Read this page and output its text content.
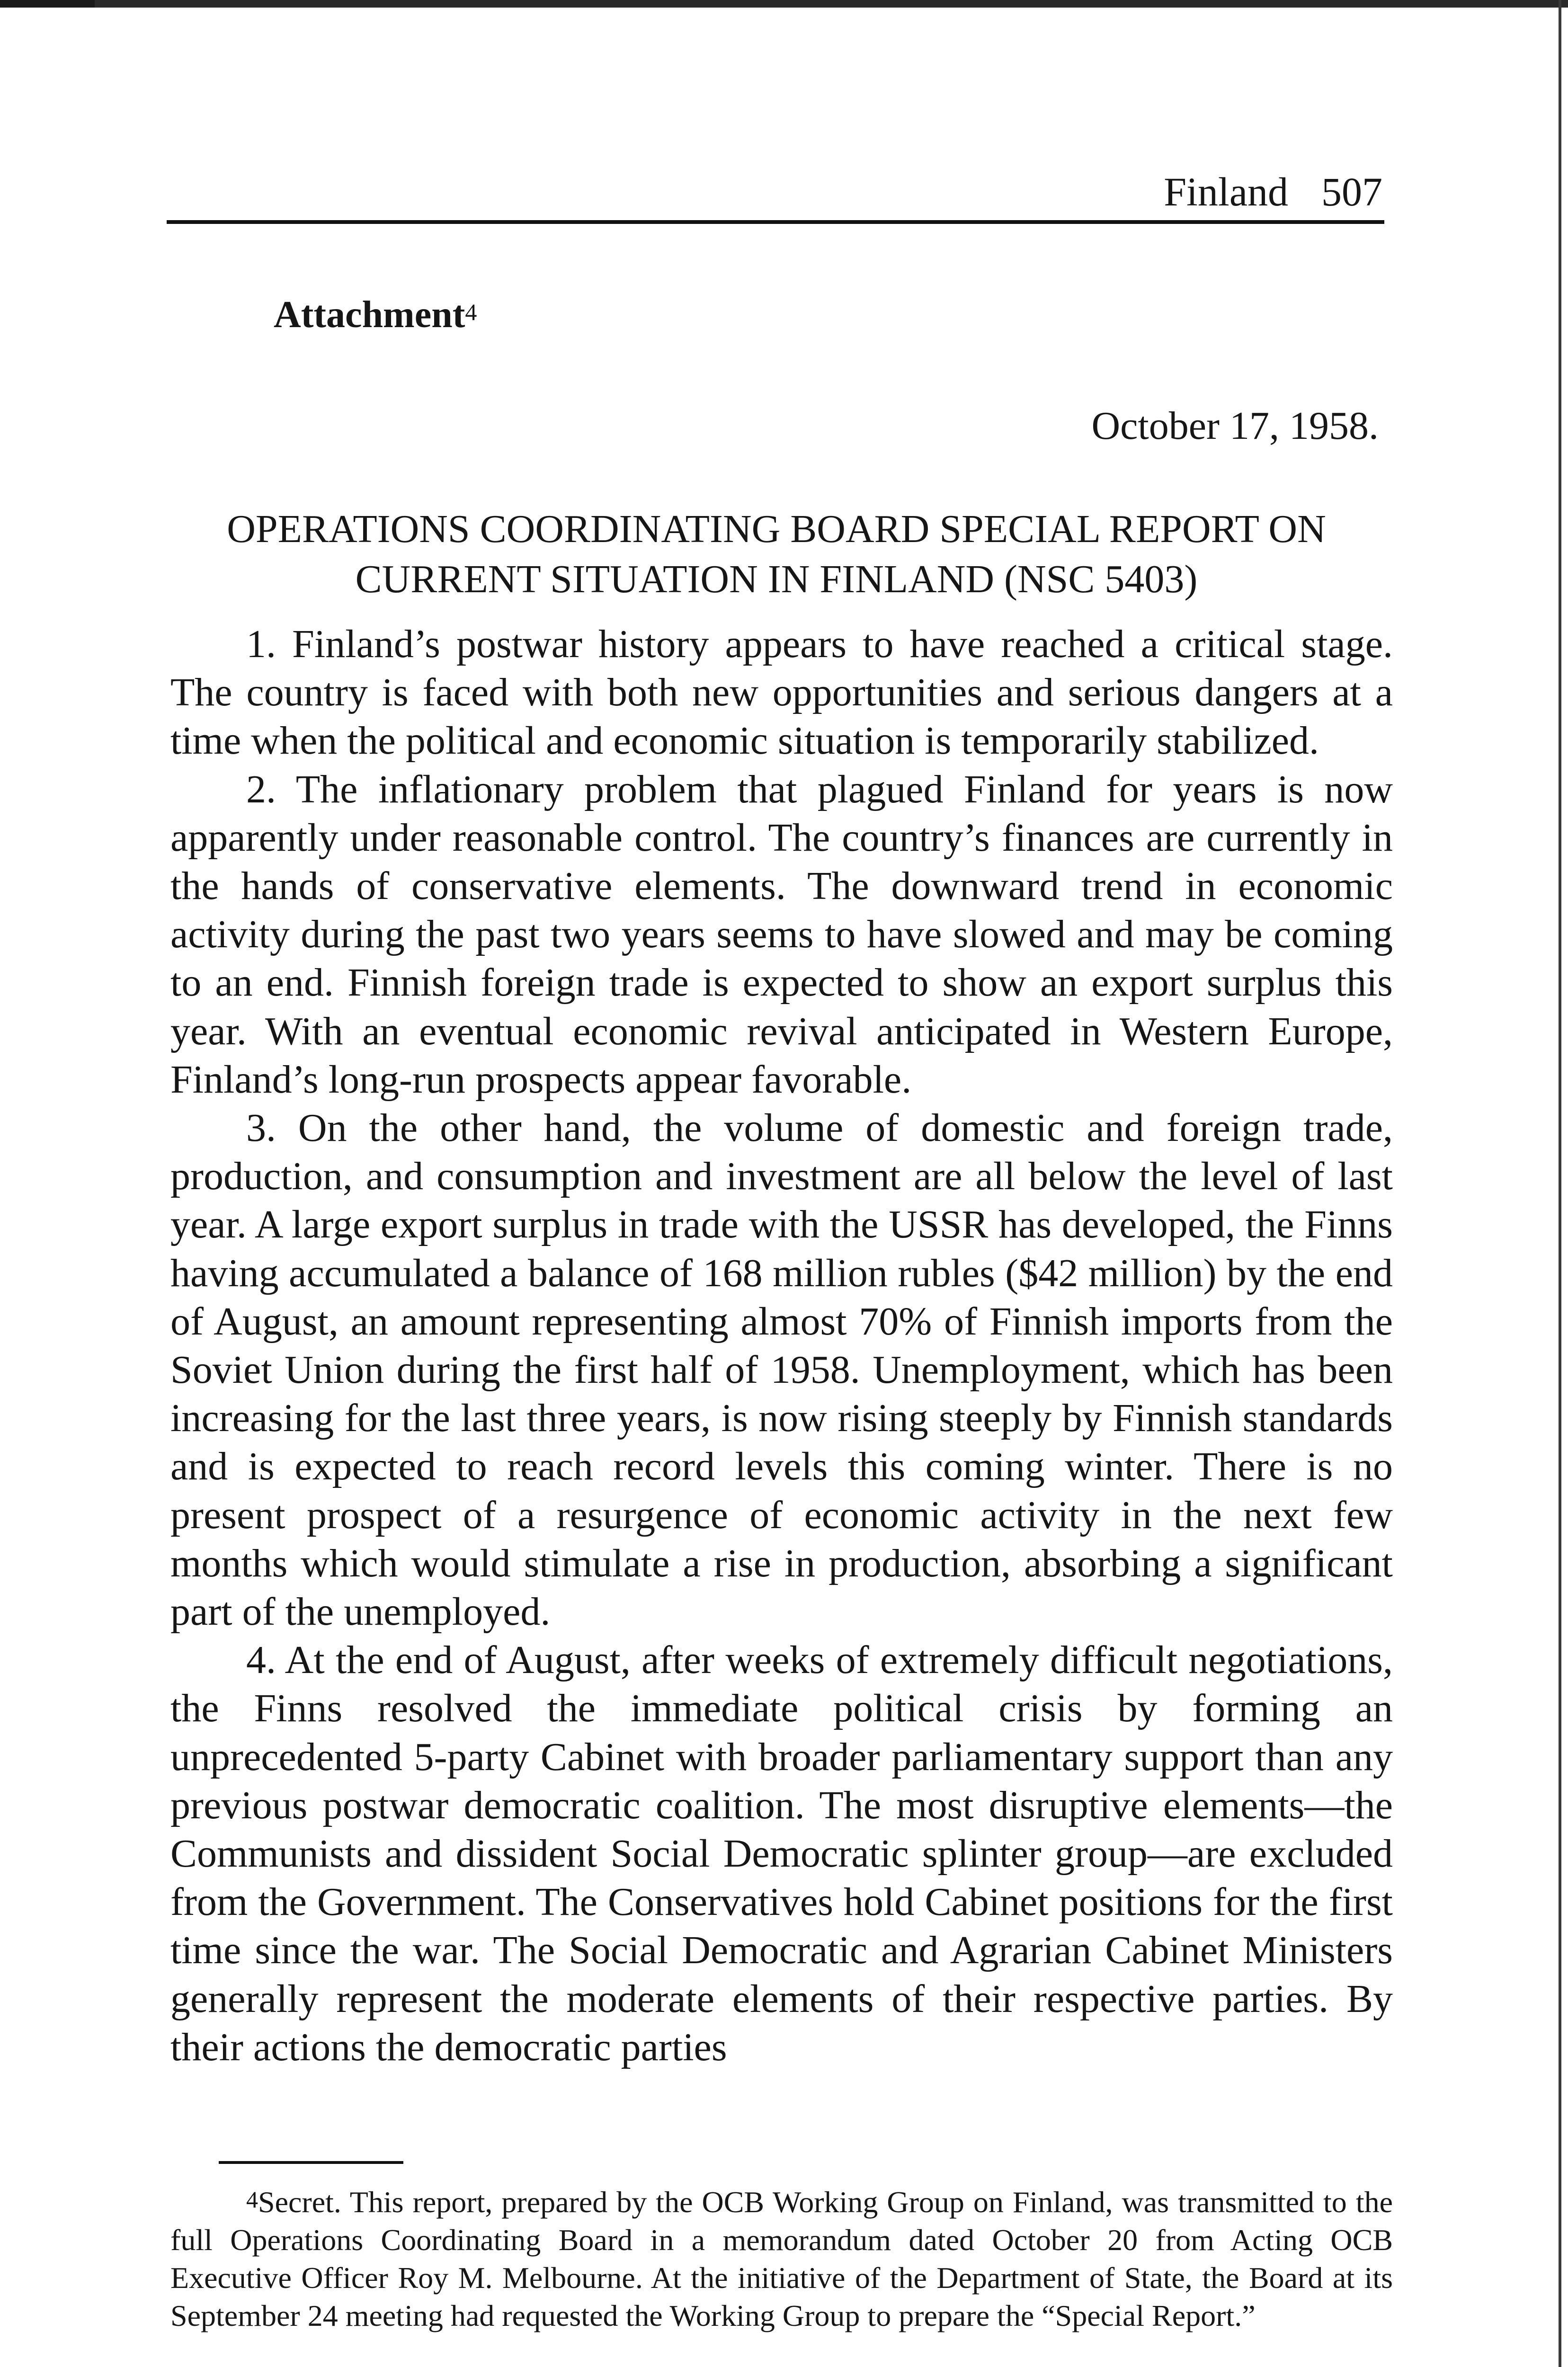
Finland 507
Attachment$^4$
October 17, 1958.
OPERATIONS COORDINATING BOARD SPECIAL REPORT ON
CURRENT SITUATION IN FINLAND (NSC 5403)

1. Finland’s postwar history appears to have reached a critical stage. The country is faced with both new opportunities and serious dangers at a time when the political and economic situation is temporarily stabilized.

2. The inflationary problem that plagued Finland for years is now apparently under reasonable control. The country’s finances are currently in the hands of conservative elements. The downward trend in economic activity during the past two years seems to have slowed and may be coming to an end. Finnish foreign trade is expected to show an export surplus this year. With an eventual economic revival anticipated in Western Europe, Finland’s long-run prospects appear favorable.

3. On the other hand, the volume of domestic and foreign trade, production, and consumption and investment are all below the level of last year. A large export surplus in trade with the USSR has developed, the Finns having accumulated a balance of 168 million rubles ($42 million) by the end of August, an amount representing almost 70% of Finnish imports from the Soviet Union during the first half of 1958. Unemployment, which has been increasing for the last three years, is now rising steeply by Finnish standards and is expected to reach record levels this coming winter. There is no present prospect of a resurgence of economic activity in the next few months which would stimulate a rise in production, absorbing a significant part of the unemployed.

4. At the end of August, after weeks of extremely difficult negotiations, the Finns resolved the immediate political crisis by forming an unprecedented 5-party Cabinet with broader parliamentary support than any previous postwar democratic coalition. The most disruptive elements—the Communists and dissident Social Democratic splinter group—are excluded from the Government. The Conservatives hold Cabinet positions for the first time since the war. The Social Democratic and Agrarian Cabinet Ministers generally represent the moderate elements of their respective parties. By their actions the democratic parties

$^4$Secret. This report, prepared by the OCB Working Group on Finland, was transmitted to the full Operations Coordinating Board in a memorandum dated October 20 from Acting OCB Executive Officer Roy M. Melbourne. At the initiative of the Department of State, the Board at its September 24 meeting had requested the Working Group to prepare the “Special Report.”
